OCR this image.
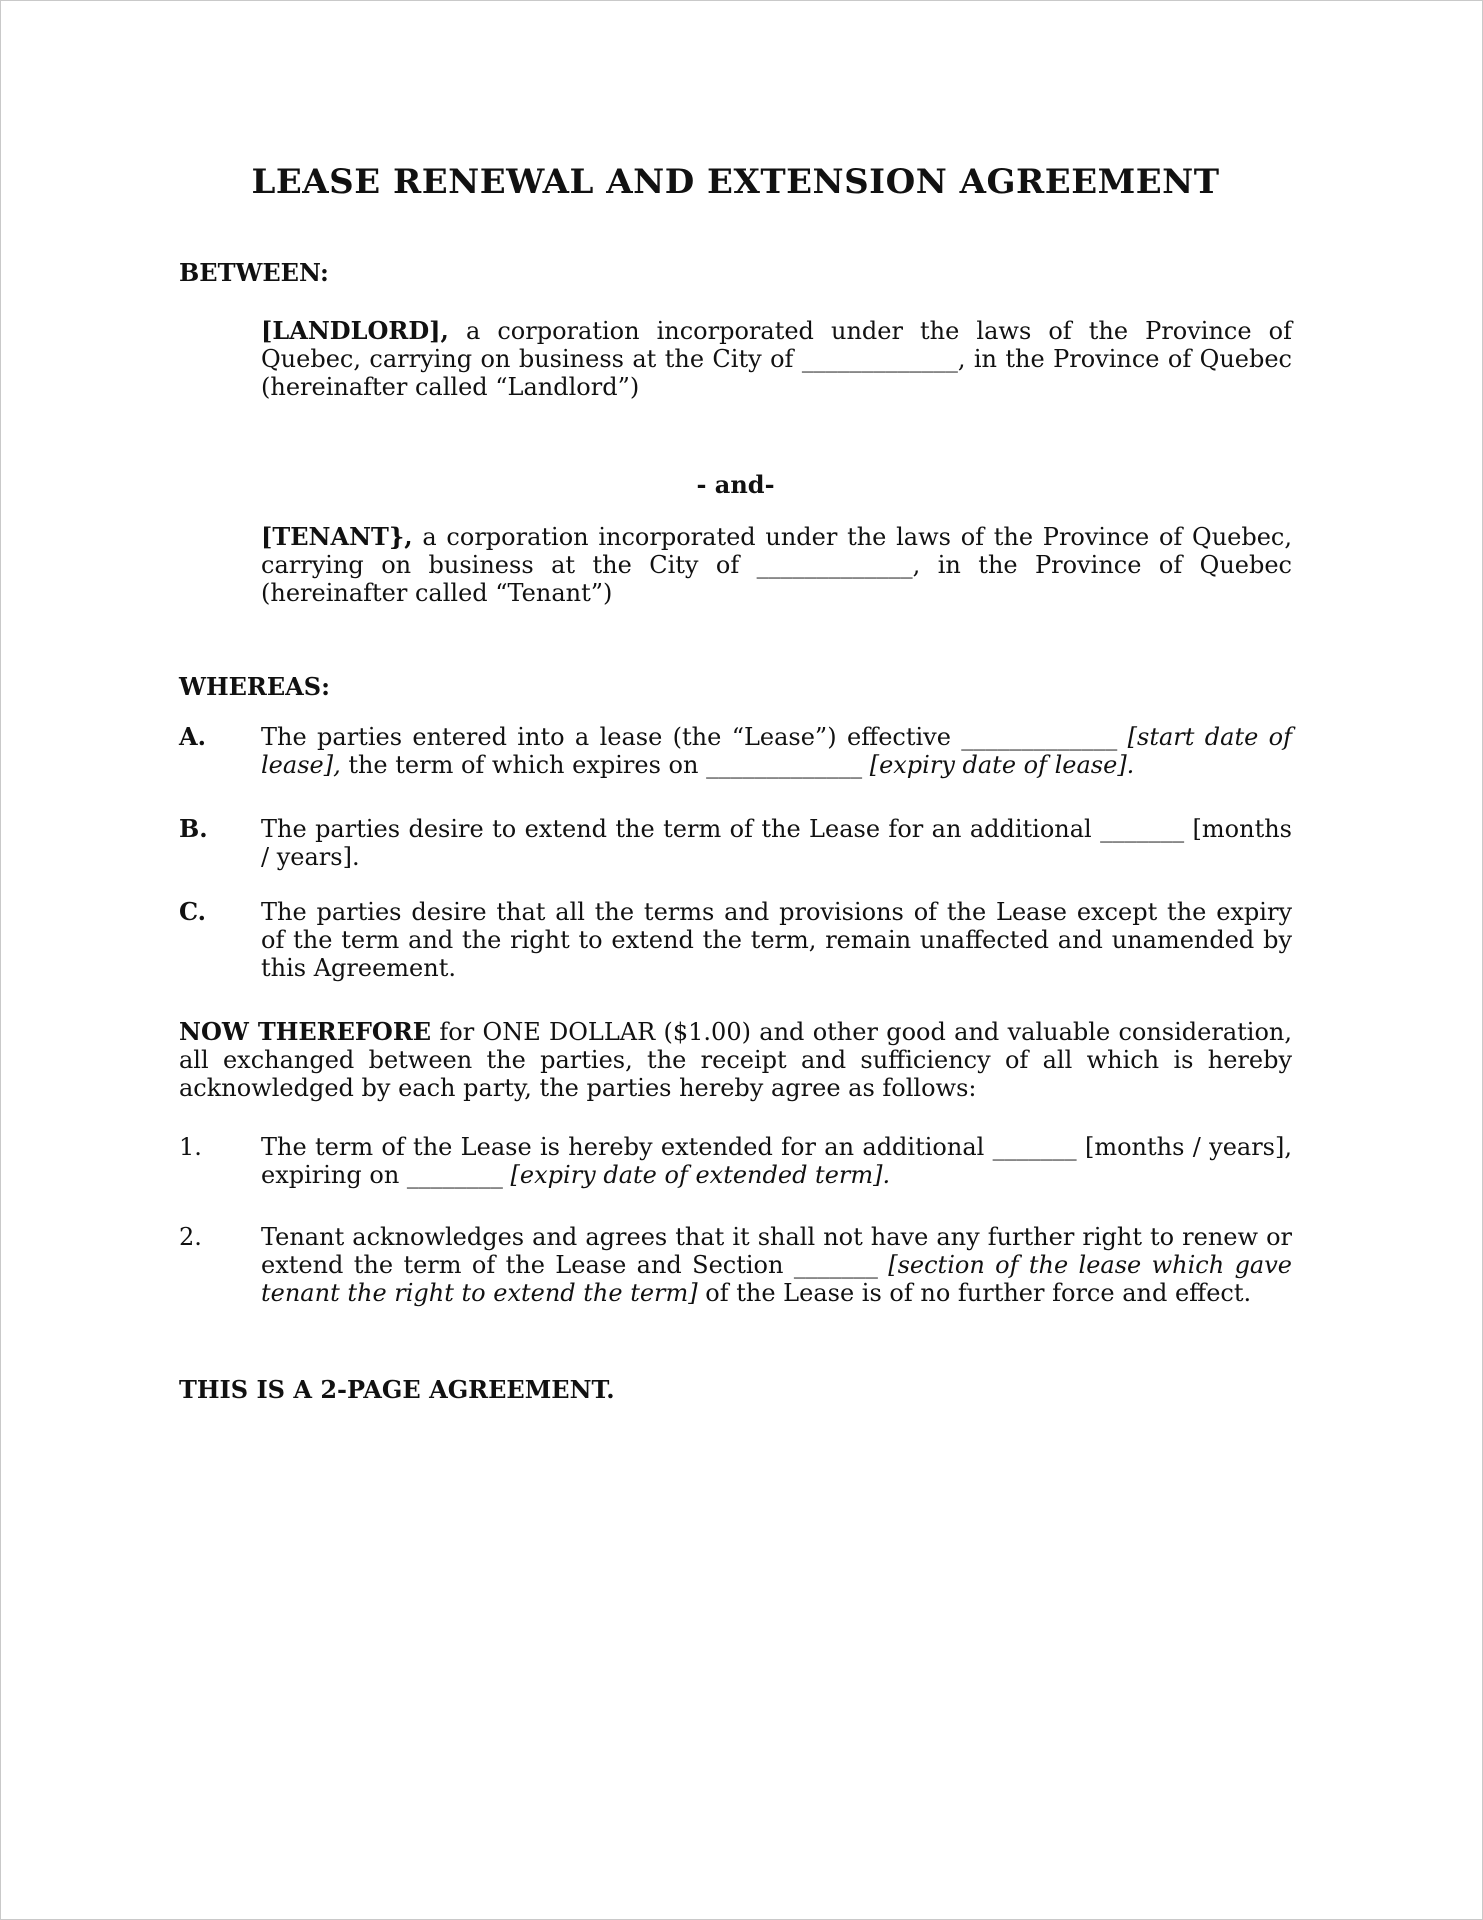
LEASE RENEWAL AND EXTENSION AGREEMENT
BETWEEN:

[LANDLORD], a corporation incorporated under the laws of the Province of Quebec, carrying on business at the City of _____________, in the Province of Quebec (hereinafter called “Landlord”)

- and-

[TENANT}, a corporation incorporated under the laws of the Province of Quebec, carrying on business at the City of _____________, in the Province of Quebec (hereinafter called “Tenant”)

WHEREAS:
A.	The parties entered into a lease (the “Lease”) effective _____________ [start date of lease], the term of which expires on _____________ [expiry date of lease].
B.	The parties desire to extend the term of the Lease for an additional _______ [months / years].
C.	The parties desire that all the terms and provisions of the Lease except the expiry of the term and the right to extend the term, remain unaffected and unamended by this Agreement.

NOW THEREFORE for ONE DOLLAR ($1.00) and other good and valuable consideration, all exchanged between the parties, the receipt and sufficiency of all which is hereby acknowledged by each party, the parties hereby agree as follows:

1.	The term of the Lease is hereby extended for an additional _______ [months / years], expiring on ________ [expiry date of extended term].
2.	Tenant acknowledges and agrees that it shall not have any further right to renew or extend the term of the Lease and Section _______ [section of the lease which gave tenant the right to extend the term] of the Lease is of no further force and effect.
THIS IS A 2-PAGE AGREEMENT.
